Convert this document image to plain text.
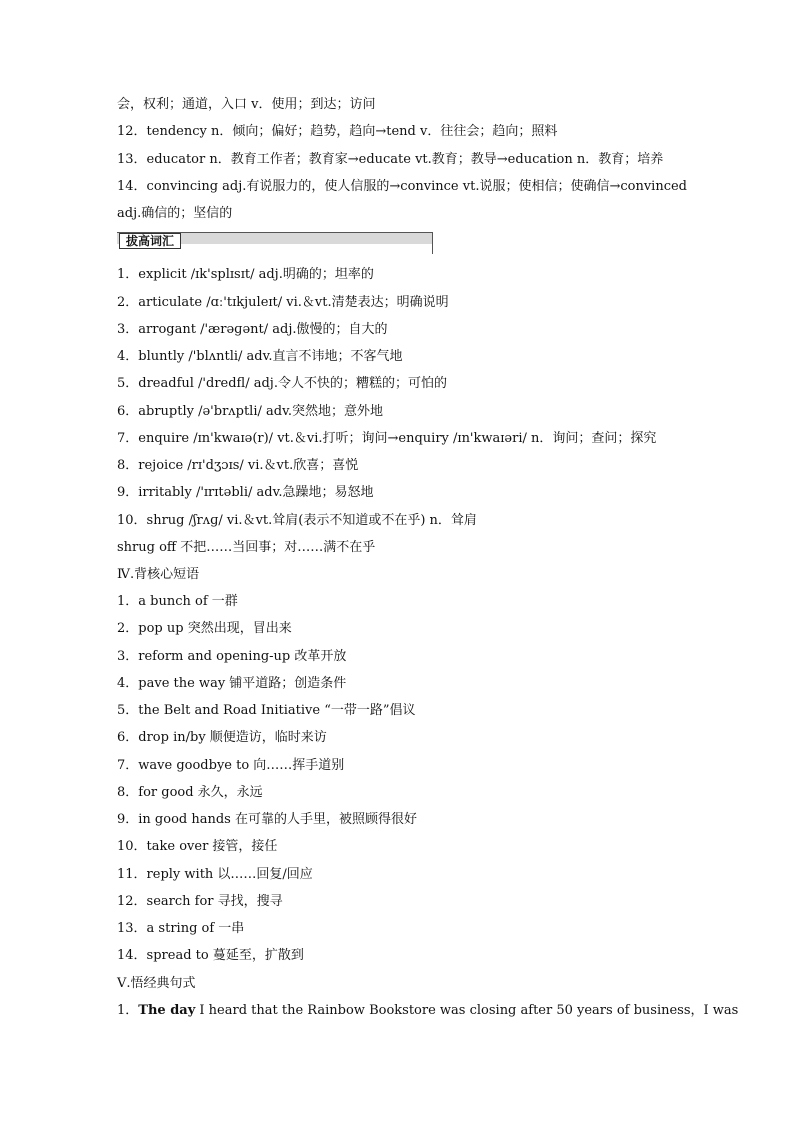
会，权利；通道，入口 v．使用；到达；访问
12．tendency n．倾向；偏好；趋势，趋向→tend v．往往会；趋向；照料
13．educator n．教育工作者；教育家→educate vt.教育；教导→education n．教育；培养
14．convincing adj.有说服力的，使人信服的→convince vt.说服；使相信；使确信→convinced
adj.确信的；坚信的
拔高词汇
1．explicit /ɪk'splɪsɪt/ adj.明确的；坦率的
2．articulate /ɑː'tɪkjuleɪt/ vi.＆vt.清楚表达；明确说明
3．arrogant /'ærəɡənt/ adj.傲慢的；自大的
4．bluntly /'blʌntli/ adv.直言不讳地；不客气地
5．dreadful /'dredfl/ adj.令人不快的；糟糕的；可怕的
6．abruptly /ə'brʌptli/ adv.突然地；意外地
7．enquire /ɪn'kwaɪə(r)/ vt.＆vi.打听；询问→enquiry /ɪn'kwaɪəri/ n．询问；查问；探究
8．rejoice /rɪ'dʒɔɪs/ vi.＆vt.欣喜；喜悦
9．irritably /'ɪrɪtəbli/ adv.急躁地；易怒地
10．shrug /ʃrʌɡ/ vi.＆vt.耸肩(表示不知道或不在乎) n．耸肩
shrug off 不把……当回事；对……满不在乎
Ⅳ.背核心短语
1．a bunch of 一群
2．pop up 突然出现，冒出来
3．reform and opening-up 改革开放
4．pave the way 铺平道路；创造条件
5．the Belt and Road Initiative “一带一路”倡议
6．drop in/by 顺便造访，临时来访
7．wave goodbye to 向……挥手道别
8．for good 永久，永远
9．in good hands 在可靠的人手里，被照顾得很好
10．take over 接管，接任
11．reply with 以……回复/回应
12．search for 寻找，搜寻
13．a string of 一串
14．spread to 蔓延至，扩散到
Ⅴ.悟经典句式
1．The day I heard that the Rainbow Bookstore was closing after 50 years of business，I was
